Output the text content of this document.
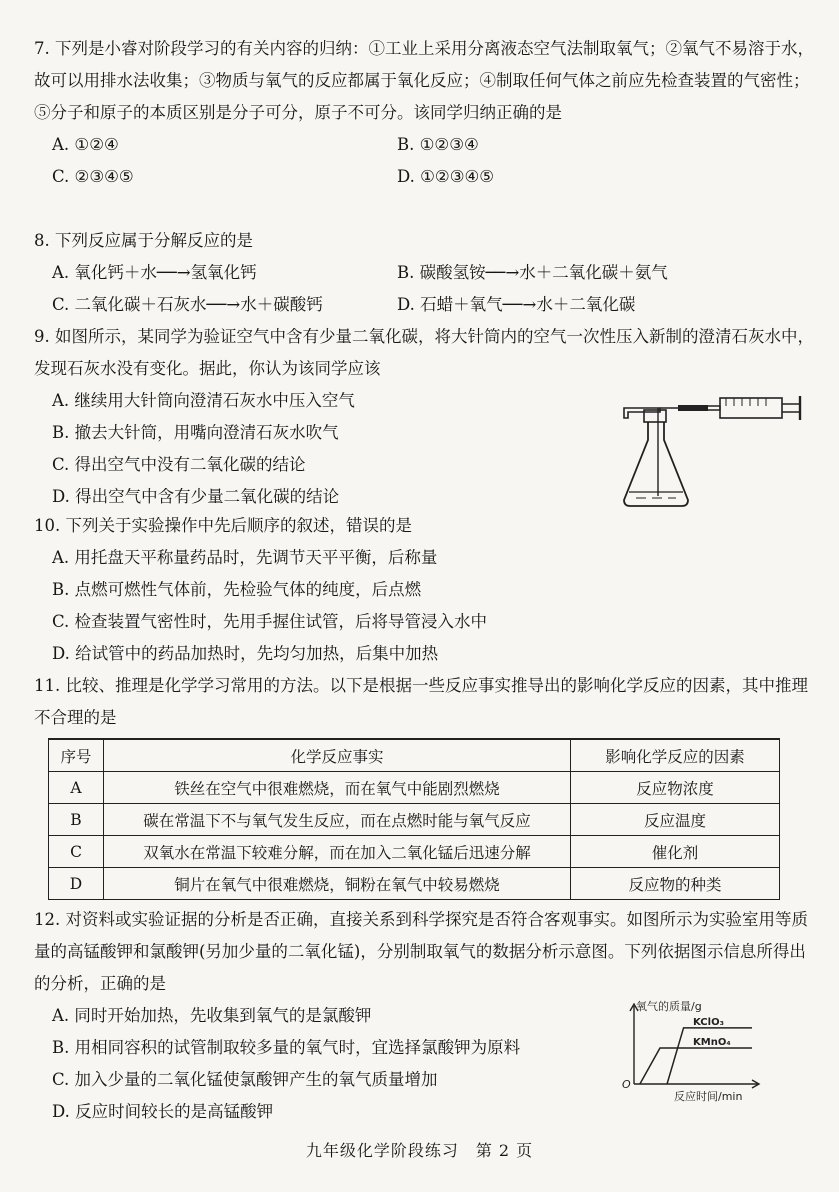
7. 下列是小睿对阶段学习的有关内容的归纳：①工业上采用分离液态空气法制取氧气；②氧气不易溶于水，故可以用排水法收集；③物质与氧气的反应都属于氧化反应；④制取任何气体之前应先检查装置的气密性；⑤分子和原子的本质区别是分子可分，原子不可分。该同学归纳正确的是

A. ①②④	B. ①②③④
C. ②③④⑤	D. ①②③④⑤

8. 下列反应属于分解反应的是

A. 氧化钙＋水──→氢氧化钙	B. 碳酸氢铵──→水＋二氧化碳＋氨气
C. 二氧化碳＋石灰水──→水＋碳酸钙	D. 石蜡＋氧气──→水＋二氧化碳

9. 如图所示，某同学为验证空气中含有少量二氧化碳，将大针筒内的空气一次性压入新制的澄清石灰水中，发现石灰水没有变化。据此，你认为该同学应该

A. 继续用大针筒向澄清石灰水中压入空气
B. 撤去大针筒，用嘴向澄清石灰水吹气
C. 得出空气中没有二氧化碳的结论
D. 得出空气中含有少量二氧化碳的结论

10. 下列关于实验操作中先后顺序的叙述，错误的是

A. 用托盘天平称量药品时，先调节天平平衡，后称量
B. 点燃可燃性气体前，先检验气体的纯度，后点燃
C. 检查装置气密性时，先用手握住试管，后将导管浸入水中
D. 给试管中的药品加热时，先均匀加热，后集中加热

11. 比较、推理是化学学习常用的方法。以下是根据一些反应事实推导出的影响化学反应的因素，其中推理不合理的是

序号	化学反应事实	影响化学反应的因素
A	铁丝在空气中很难燃烧，而在氧气中能剧烈燃烧	反应物浓度
B	碳在常温下不与氧气发生反应，而在点燃时能与氧气反应	反应温度
C	双氧水在常温下较难分解，而在加入二氧化锰后迅速分解	催化剂
D	铜片在氧气中很难燃烧，铜粉在氧气中较易燃烧	反应物的种类

12. 对资料或实验证据的分析是否正确，直接关系到科学探究是否符合客观事实。如图所示为实验室用等质量的高锰酸钾和氯酸钾(另加少量的二氧化锰)，分别制取氧气的数据分析示意图。下列依据图示信息所得出的分析，正确的是

A. 同时开始加热，先收集到氧气的是氯酸钾
B. 用相同容积的试管制取较多量的氧气时，宜选择氯酸钾为原料
C. 加入少量的二氧化锰使氯酸钾产生的氧气质量增加
D. 反应时间较长的是高锰酸钾
氧气的质量/g
反应时间/min
O
KClO₃
KMnO₄
九年级化学阶段练习　第 2 页
